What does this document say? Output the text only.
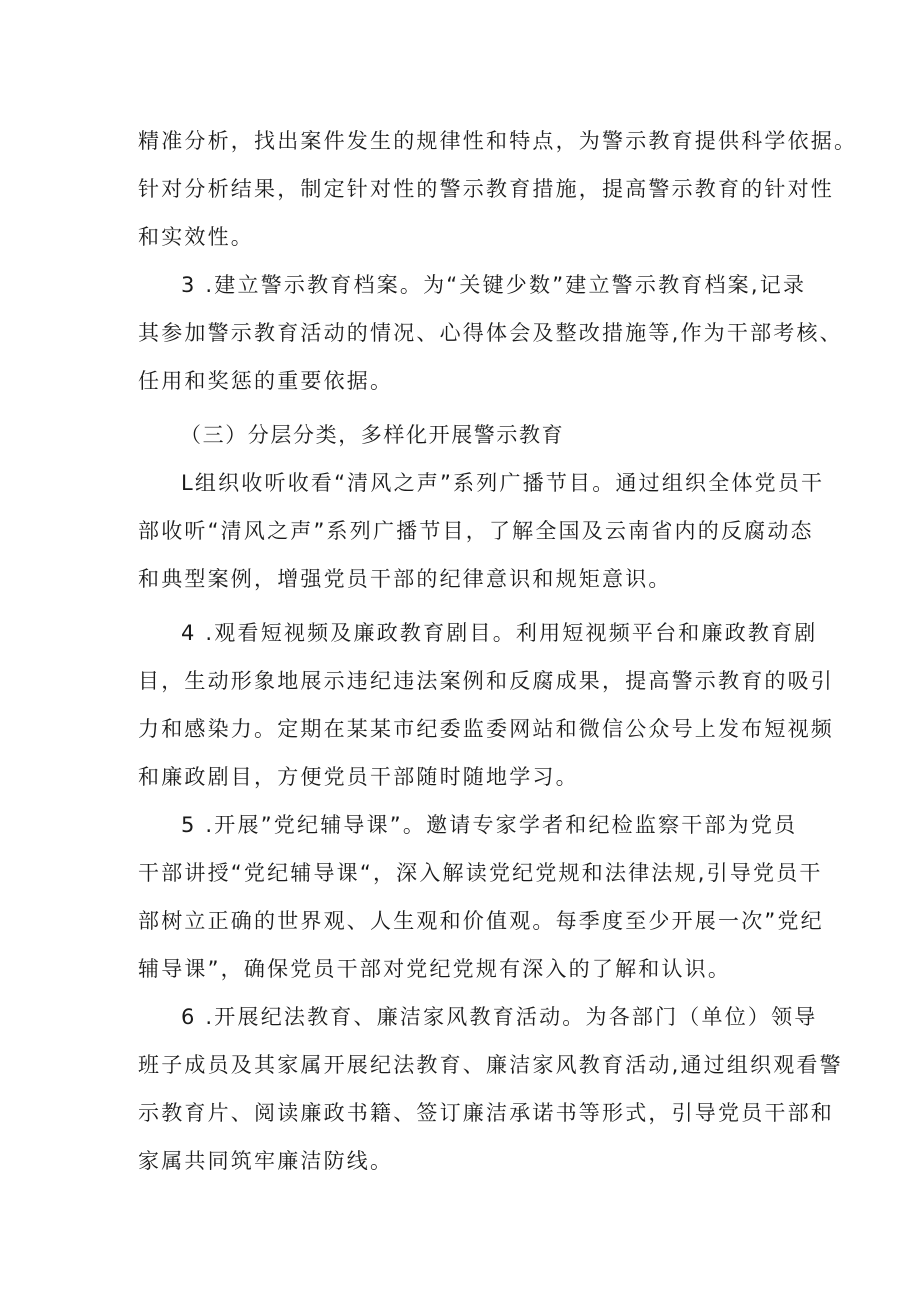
精准分析，找出案件发生的规律性和特点，为警示教育提供科学依据。
针对分析结果，制定针对性的警示教育措施，提高警示教育的针对性
和实效性。
3 .建立警示教育档案。为“关键少数”建立警示教育档案,记录
其参加警示教育活动的情况、心得体会及整改措施等,作为干部考核、
任用和奖惩的重要依据。
（三）分层分类，多样化开展警示教育
L组织收听收看“清风之声”系列广播节目。通过组织全体党员干
部收听“清风之声”系列广播节目，了解全国及云南省内的反腐动态
和典型案例，增强党员干部的纪律意识和规矩意识。
4 .观看短视频及廉政教育剧目。利用短视频平台和廉政教育剧
目，生动形象地展示违纪违法案例和反腐成果，提高警示教育的吸引
力和感染力。定期在某某市纪委监委网站和微信公众号上发布短视频
和廉政剧目，方便党员干部随时随地学习。
5 .开展”党纪辅导课”。邀请专家学者和纪检监察干部为党员
干部讲授“党纪辅导课“，深入解读党纪党规和法律法规,引导党员干
部树立正确的世界观、人生观和价值观。每季度至少开展一次”党纪
辅导课”，确保党员干部对党纪党规有深入的了解和认识。
6 .开展纪法教育、廉洁家风教育活动。为各部门（单位）领导
班子成员及其家属开展纪法教育、廉洁家风教育活动,通过组织观看警
示教育片、阅读廉政书籍、签订廉洁承诺书等形式，引导党员干部和
家属共同筑牢廉洁防线。
